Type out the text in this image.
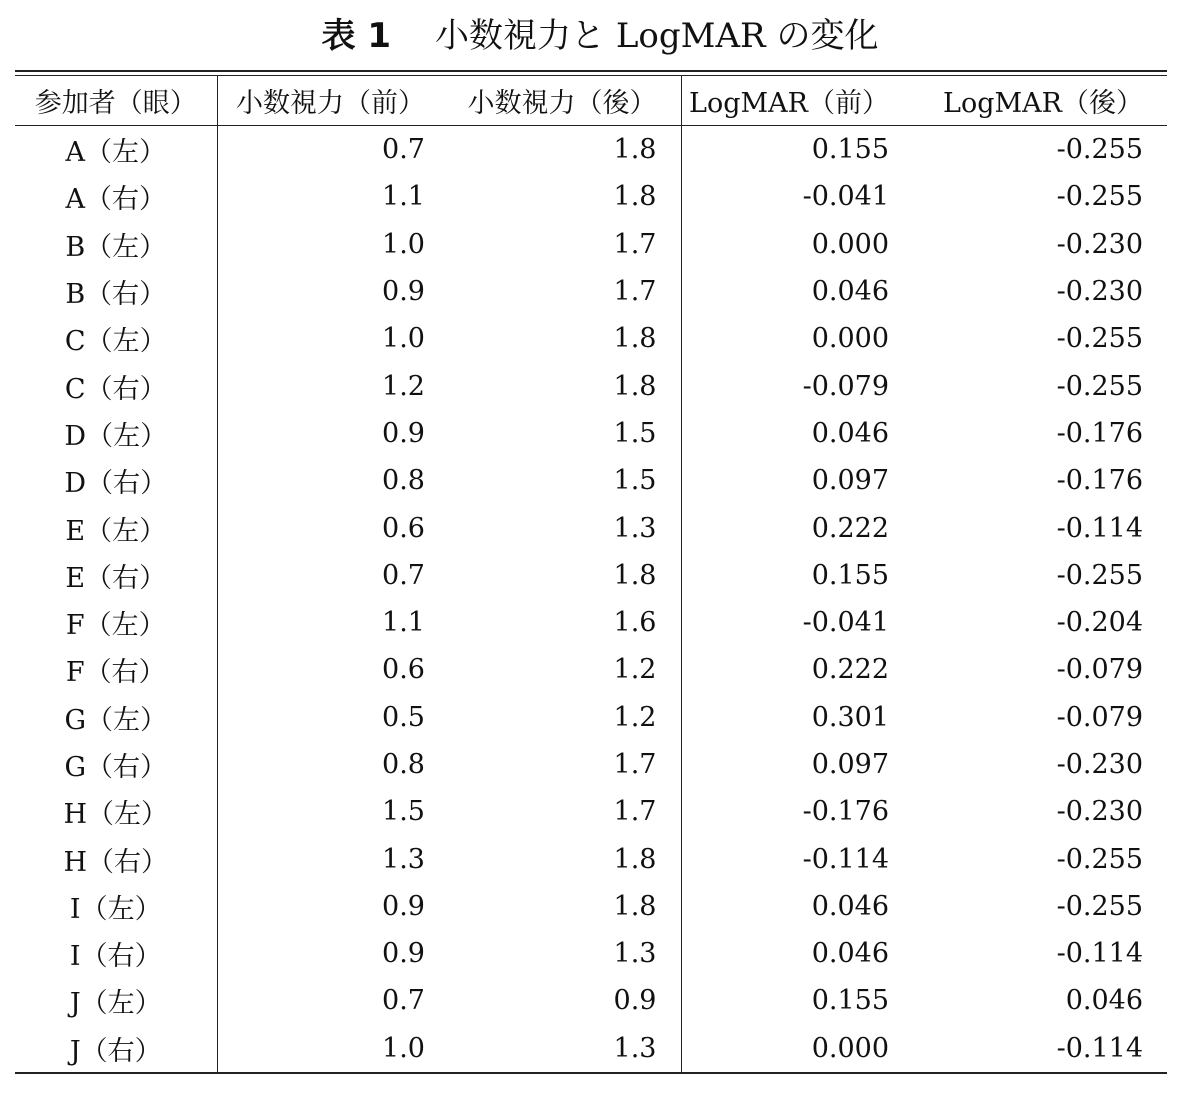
表 1 小数視力と LogMAR の変化
参加者（眼）	小数視力（前）	小数視力（後）	LogMAR（前）	LogMAR（後）
A（左）	0.7	1.8	0.155	-0.255
A（右）	1.1	1.8	-0.041	-0.255
B（左）	1.0	1.7	0.000	-0.230
B（右）	0.9	1.7	0.046	-0.230
C（左）	1.0	1.8	0.000	-0.255
C（右）	1.2	1.8	-0.079	-0.255
D（左）	0.9	1.5	0.046	-0.176
D（右）	0.8	1.5	0.097	-0.176
E（左）	0.6	1.3	0.222	-0.114
E（右）	0.7	1.8	0.155	-0.255
F（左）	1.1	1.6	-0.041	-0.204
F（右）	0.6	1.2	0.222	-0.079
G（左）	0.5	1.2	0.301	-0.079
G（右）	0.8	1.7	0.097	-0.230
H（左）	1.5	1.7	-0.176	-0.230
H（右）	1.3	1.8	-0.114	-0.255
I（左）	0.9	1.8	0.046	-0.255
I（右）	0.9	1.3	0.046	-0.114
J（左）	0.7	0.9	0.155	0.046
J（右）	1.0	1.3	0.000	-0.114
